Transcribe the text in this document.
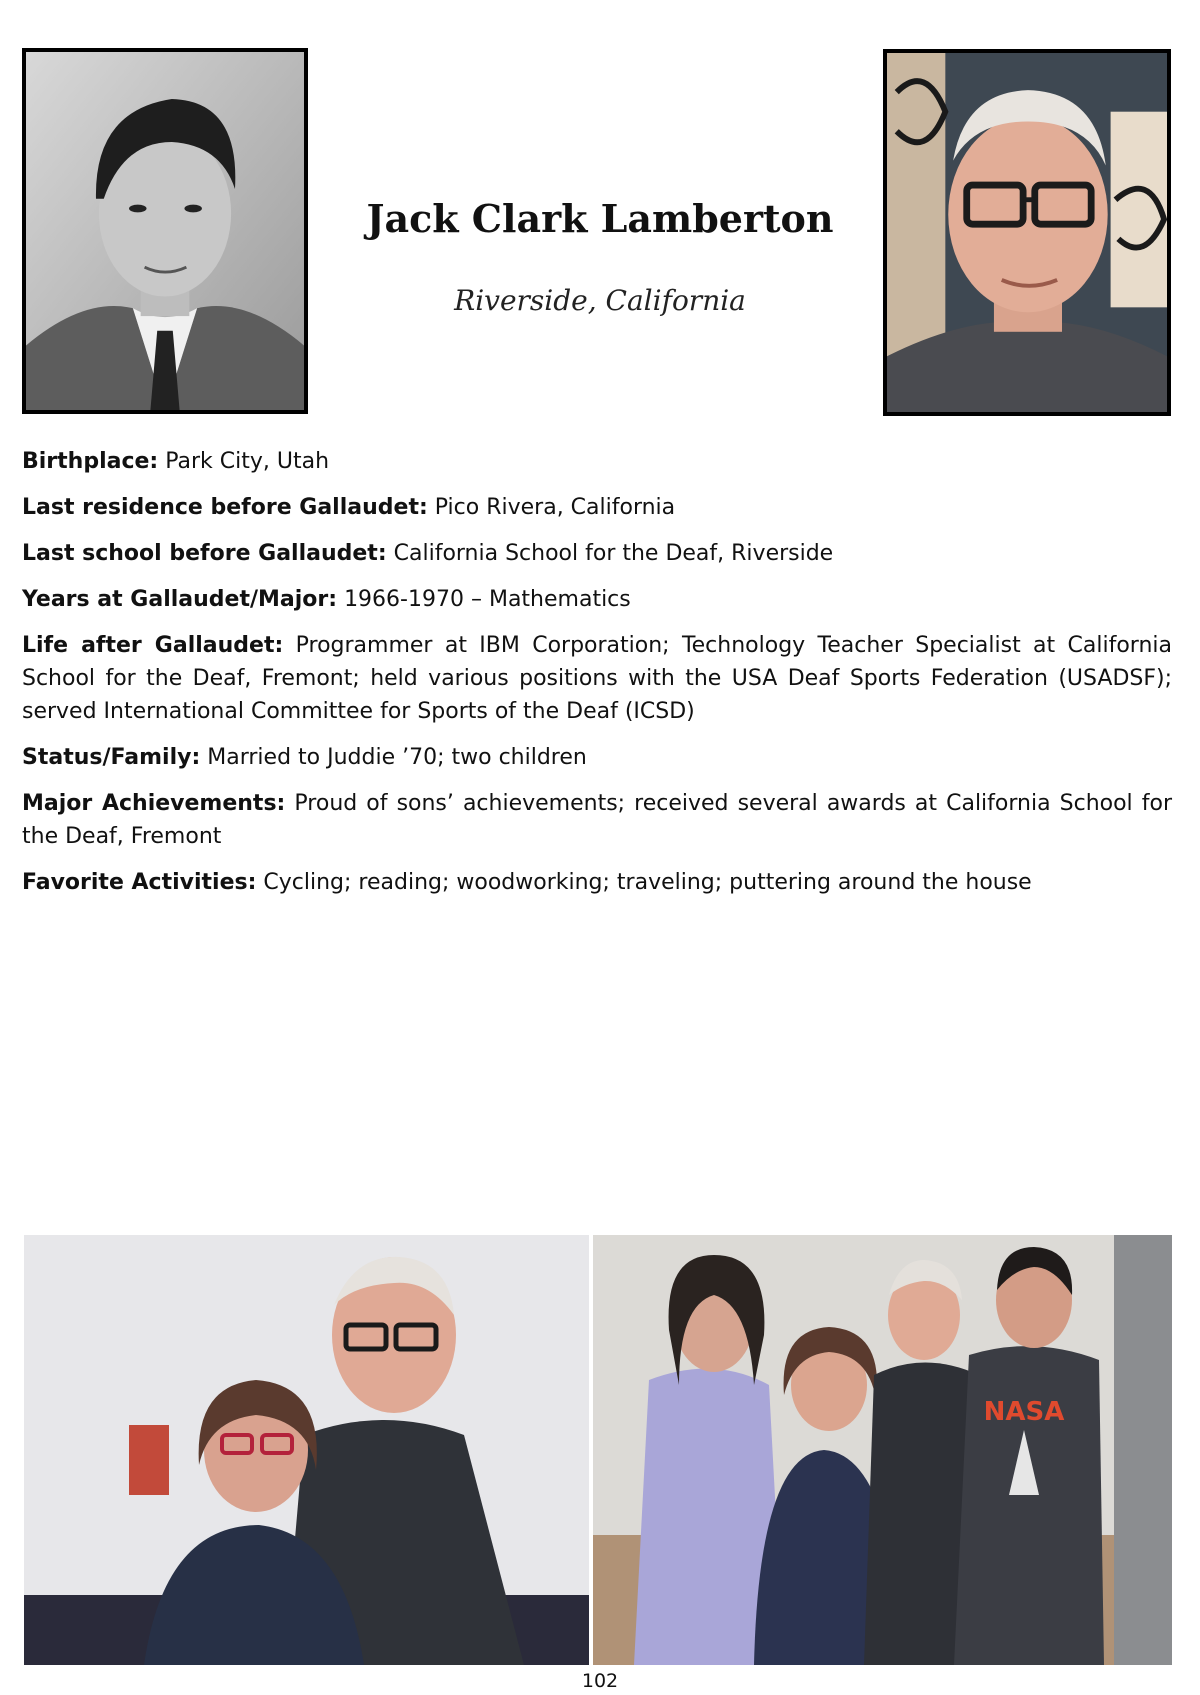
Jack Clark Lamberton
Riverside, California

Birthplace: Park City, Utah

Last residence before Gallaudet: Pico Rivera, California

Last school before Gallaudet: California School for the Deaf, Riverside

Years at Gallaudet/Major: 1966-1970 – Mathematics

Life after Gallaudet: Programmer at IBM Corporation; Technology Teacher Specialist at California School for the Deaf, Fremont; held various positions with the USA Deaf Sports Federation (USADSF); served International Committee for Sports of the Deaf (ICSD)

Status/Family: Married to Juddie ’70; two children

Major Achievements: Proud of sons’ achievements; received several awards at California School for the Deaf, Fremont

Favorite Activities: Cycling; reading; woodworking; traveling; puttering around the house

NASA
102
